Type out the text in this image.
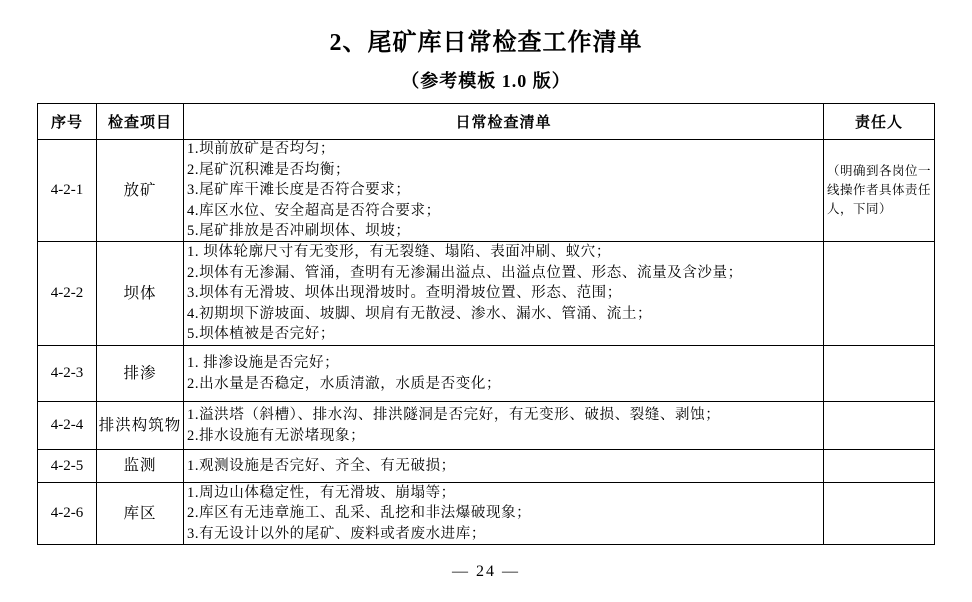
2、尾矿库日常检查工作清单
（参考模板 1.0 版）
序号	检查项目	日常检查清单	责任人
4-2-1	放矿
1.坝前放矿是否均匀；
2.尾矿沉积滩是否均衡；
3.尾矿库干滩长度是否符合要求；
4.库区水位、安全超高是否符合要求；
5.尾矿排放是否冲刷坝体、坝坡；
（明确到各岗位一线操作者具体责任人，下同）
4-2-2	坝体
1. 坝体轮廓尺寸有无变形，有无裂缝、塌陷、表面冲刷、蚁穴；
2.坝体有无渗漏、管涌，查明有无渗漏出溢点、出溢点位置、形态、流量及含沙量；
3.坝体有无滑坡、坝体出现滑坡时。查明滑坡位置、形态、范围；
4.初期坝下游坡面、坡脚、坝肩有无散浸、渗水、漏水、管涌、流土；
5.坝体植被是否完好；
4-2-3	排渗
1. 排渗设施是否完好；
2.出水量是否稳定，水质清澈，水质是否变化；
4-2-4 排洪构筑物
1.溢洪塔（斜槽）、排水沟、排洪隧洞是否完好，有无变形、破损、裂缝、剥蚀；
2.排水设施有无淤堵现象；
4-2-5	监测 1.观测设施是否完好、齐全、有无破损；
4-2-6	库区
1.周边山体稳定性，有无滑坡、崩塌等；
2.库区有无违章施工、乱采、乱挖和非法爆破现象；
3.有无设计以外的尾矿、废料或者废水进库；
— 24 —
